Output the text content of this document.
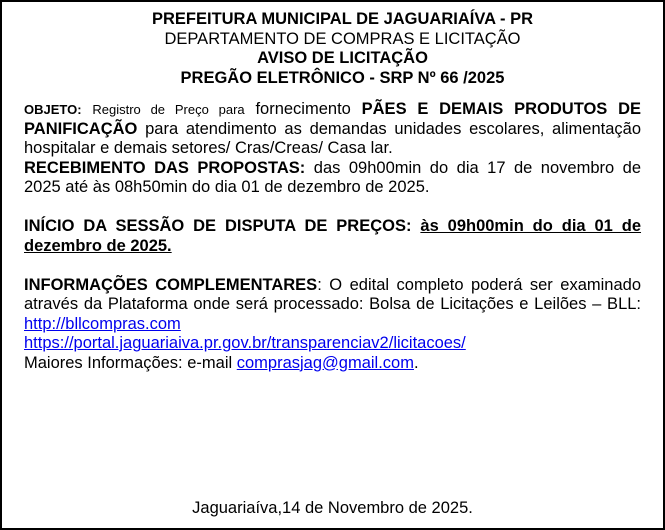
PREFEITURA MUNICIPAL DE JAGUARIAÍVA - PR
DEPARTAMENTO DE COMPRAS E LICITAÇÃO
AVISO DE LICITAÇÃO
PREGÃO ELETRÔNICO - SRP Nº 66 /2025

OBJETO: Registro de Preço para fornecimento PÃES E DEMAIS PRODUTOS DE PANIFICAÇÃO para atendimento as demandas unidades escolares, alimentação hospitalar e demais setores/ Cras/Creas/ Casa lar.

RECEBIMENTO DAS PROPOSTAS: das 09h00min do dia 17 de novembro de 2025 até às 08h50min do dia 01 de dezembro de 2025.

INÍCIO DA SESSÃO DE DISPUTA DE PREÇOS: às 09h00min do dia 01 de dezembro de 2025.

INFORMAÇÕES COMPLEMENTARES: O edital completo poderá ser examinado através da Plataforma onde será processado: Bolsa de Licitações e Leilões – BLL: http://bllcompras.com

https://portal.jaguariaiva.pr.gov.br/transparenciav2/licitacoes/

Maiores Informações: e-mail comprasjag@gmail.com.

Jaguariaíva,14 de Novembro de 2025.
